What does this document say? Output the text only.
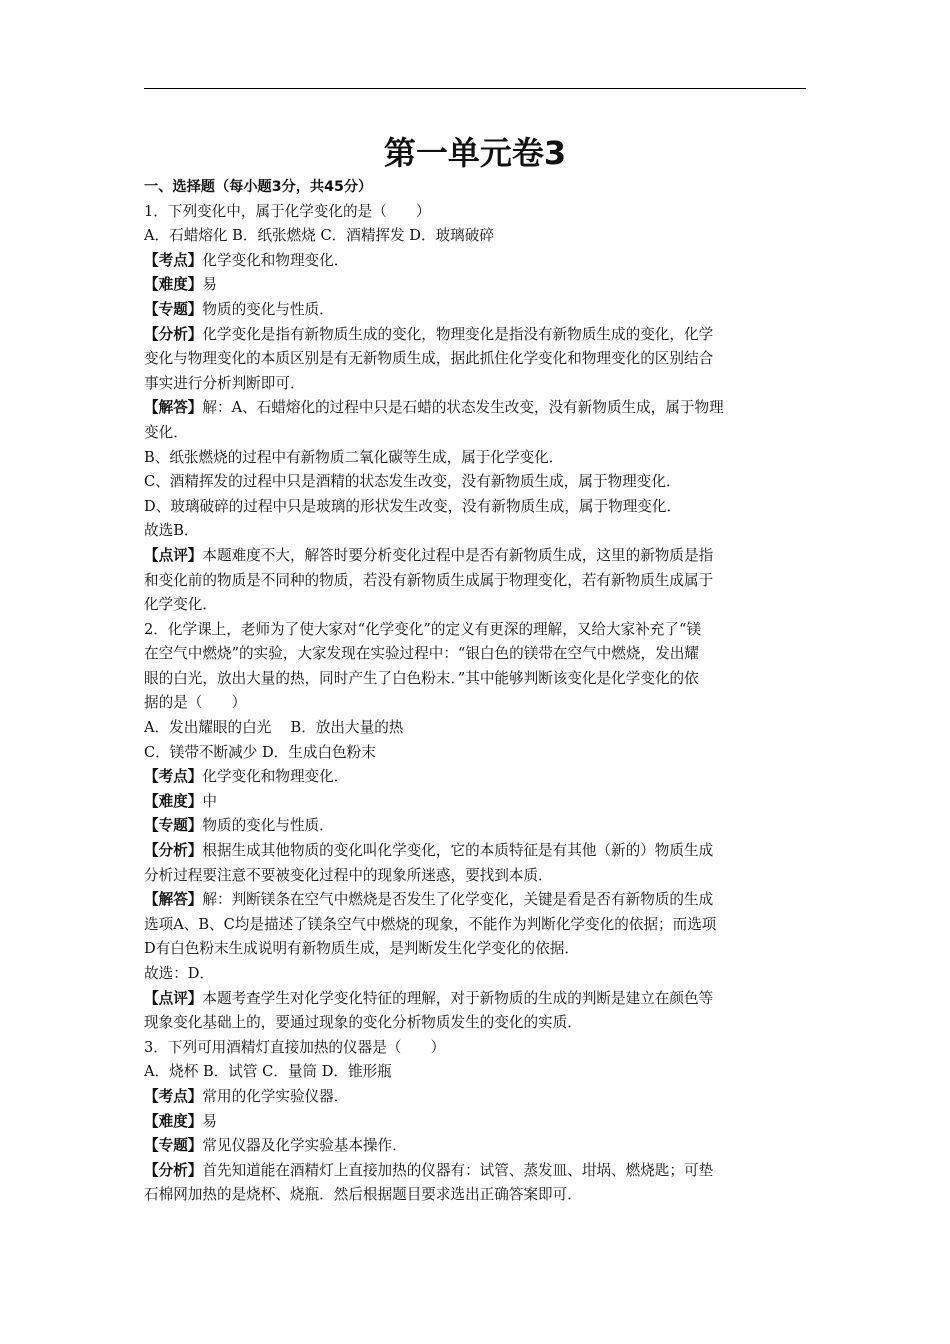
第一单元卷3
一、选择题（每小题3分，共45分）
1．下列变化中，属于化学变化的是（　　）
A．石蜡熔化 B．纸张燃烧 C．酒精挥发 D．玻璃破碎
【考点】化学变化和物理变化．
【难度】易
【专题】物质的变化与性质．
【分析】化学变化是指有新物质生成的变化，物理变化是指没有新物质生成的变化，化学
变化与物理变化的本质区别是有无新物质生成，据此抓住化学变化和物理变化的区别结合
事实进行分析判断即可．
【解答】解：A、石蜡熔化的过程中只是石蜡的状态发生改变，没有新物质生成，属于物理
变化．
B、纸张燃烧的过程中有新物质二氧化碳等生成，属于化学变化．
C、酒精挥发的过程中只是酒精的状态发生改变，没有新物质生成，属于物理变化．
D、玻璃破碎的过程中只是玻璃的形状发生改变，没有新物质生成，属于物理变化．
故选B．
【点评】本题难度不大，解答时要分析变化过程中是否有新物质生成，这里的新物质是指
和变化前的物质是不同种的物质，若没有新物质生成属于物理变化，若有新物质生成属于
化学变化．
2．化学课上，老师为了使大家对“化学变化”的定义有更深的理解，又给大家补充了“镁
在空气中燃烧”的实验，大家发现在实验过程中：“银白色的镁带在空气中燃烧，发出耀
眼的白光，放出大量的热，同时产生了白色粉末．”其中能够判断该变化是化学变化的依
据的是（　　）
A．发出耀眼的白光　 B．放出大量的热
C．镁带不断减少 D．生成白色粉末
【考点】化学变化和物理变化．
【难度】中
【专题】物质的变化与性质．
【分析】根据生成其他物质的变化叫化学变化，它的本质特征是有其他（新的）物质生成
分析过程要注意不要被变化过程中的现象所迷惑，要找到本质．
【解答】解：判断镁条在空气中燃烧是否发生了化学变化，关键是看是否有新物质的生成
选项A、B、C均是描述了镁条空气中燃烧的现象，不能作为判断化学变化的依据；而选项
D有白色粉末生成说明有新物质生成，是判断发生化学变化的依据．
故选：D．
【点评】本题考查学生对化学变化特征的理解，对于新物质的生成的判断是建立在颜色等
现象变化基础上的，要通过现象的变化分析物质发生的变化的实质．
3．下列可用酒精灯直接加热的仪器是（　　）
A．烧杯 B．试管 C．量筒 D．锥形瓶
【考点】常用的化学实验仪器．
【难度】易
【专题】常见仪器及化学实验基本操作．
【分析】首先知道能在酒精灯上直接加热的仪器有：试管、蒸发皿、坩埚、燃烧匙；可垫
石棉网加热的是烧杯、烧瓶．然后根据题目要求选出正确答案即可．
